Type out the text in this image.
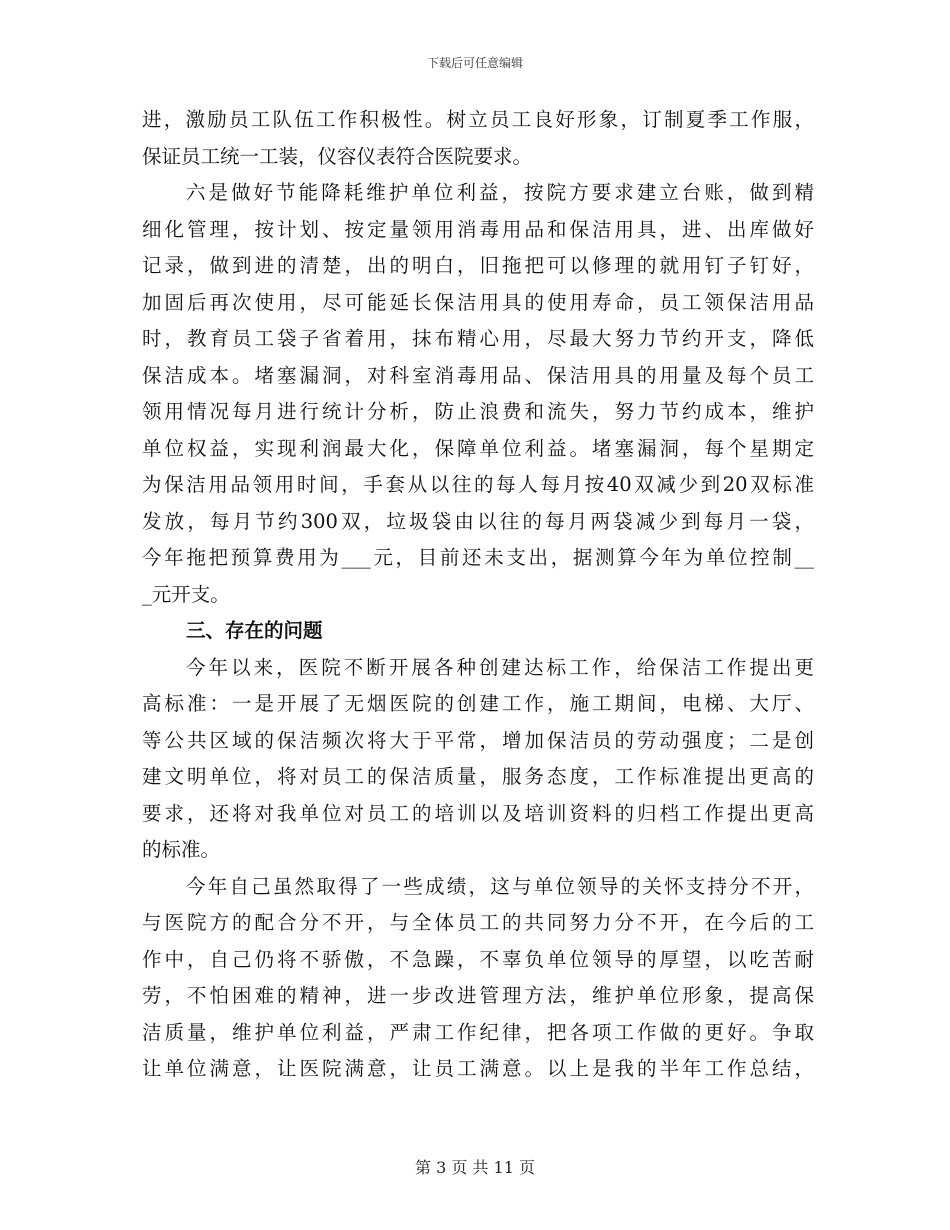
下载后可任意编辑
进，激励员工队伍工作积极性。树立员工良好形象，订制夏季工作服，
保证员工统一工装，仪容仪表符合医院要求。
六是做好节能降耗维护单位利益，按院方要求建立台账，做到精
细化管理，按计划、按定量领用消毒用品和保洁用具，进、出库做好
记录，做到进的清楚，出的明白，旧拖把可以修理的就用钉子钉好，
加固后再次使用，尽可能延长保洁用具的使用寿命，员工领保洁用品
时，教育员工袋子省着用，抹布精心用，尽最大努力节约开支，降低
保洁成本。堵塞漏洞，对科室消毒用品、保洁用具的用量及每个员工
领用情况每月进行统计分析，防止浪费和流失，努力节约成本，维护
单位权益，实现利润最大化，保障单位利益。堵塞漏洞，每个星期定
为保洁用品领用时间，手套从以往的每人每月按40双减少到20双标准
发放，每月节约300双，垃圾袋由以往的每月两袋减少到每月一袋，
今年拖把预算费用为___元，目前还未支出，据测算今年为单位控制__
_元开支。
三、存在的问题
今年以来，医院不断开展各种创建达标工作，给保洁工作提出更
高标准：一是开展了无烟医院的创建工作，施工期间，电梯、大厅、
等公共区域的保洁频次将大于平常，增加保洁员的劳动强度；二是创
建文明单位，将对员工的保洁质量，服务态度，工作标准提出更高的
要求，还将对我单位对员工的培训以及培训资料的归档工作提出更高
的标准。
今年自己虽然取得了一些成绩，这与单位领导的关怀支持分不开，
与医院方的配合分不开，与全体员工的共同努力分不开，在今后的工
作中，自己仍将不骄傲，不急躁，不辜负单位领导的厚望，以吃苦耐
劳，不怕困难的精神，进一步改进管理方法，维护单位形象，提高保
洁质量，维护单位利益，严肃工作纪律，把各项工作做的更好。争取
让单位满意，让医院满意，让员工满意。以上是我的半年工作总结，
第 3 页 共 11 页
